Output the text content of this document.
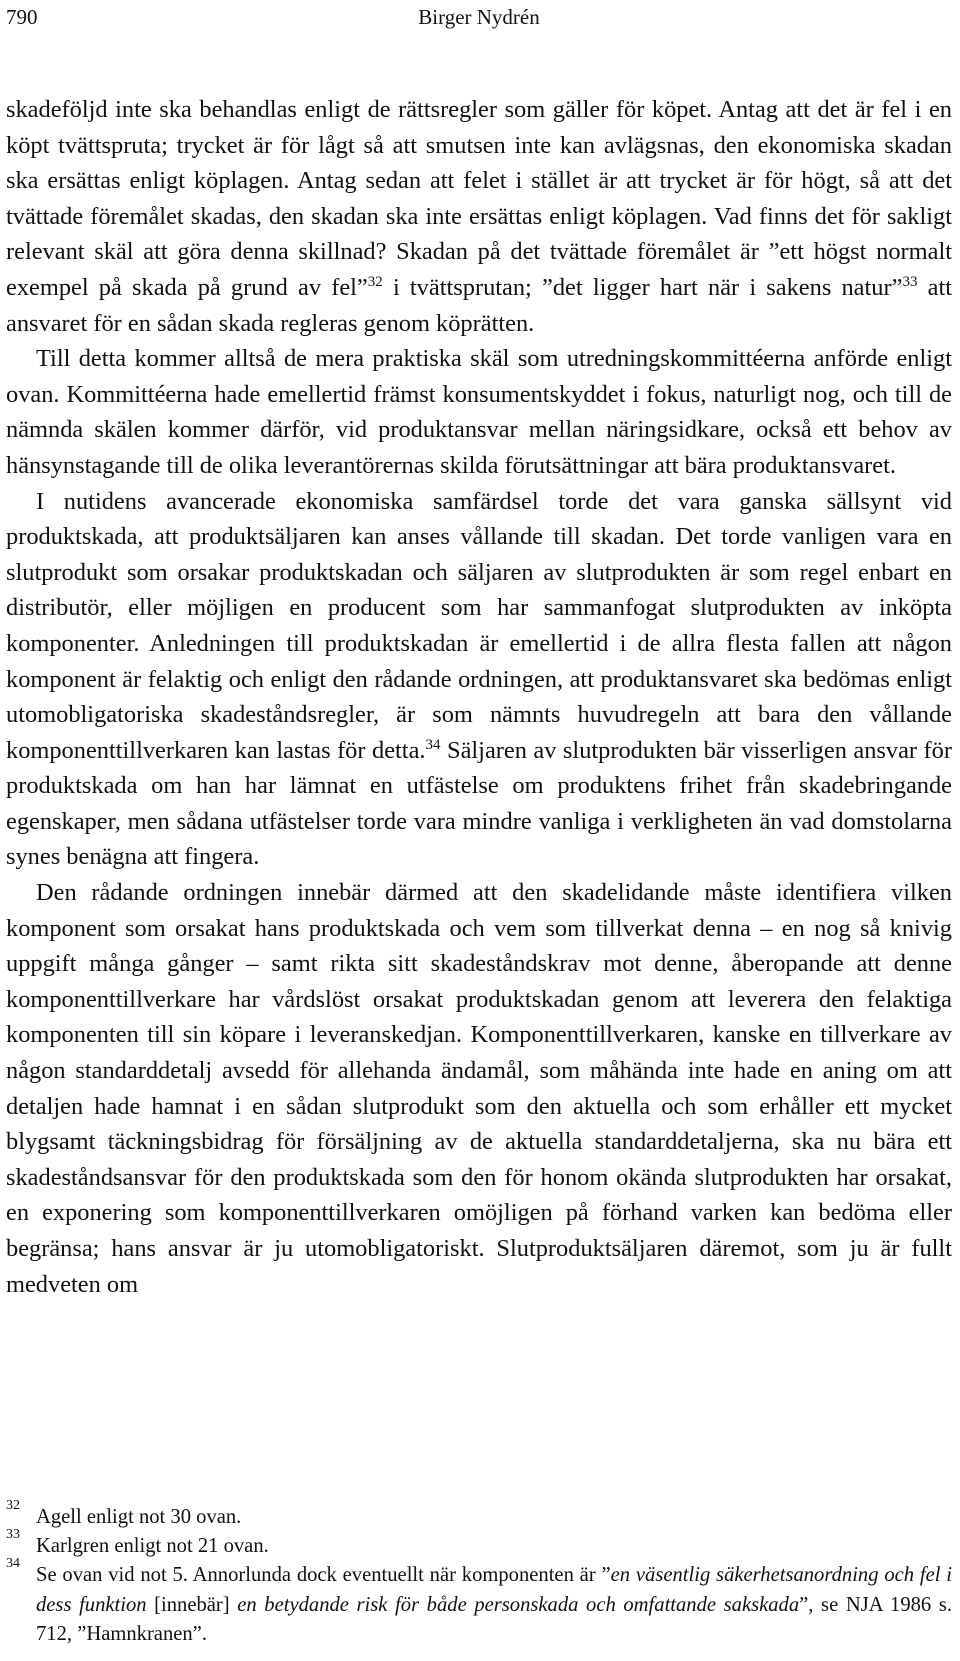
790	Birger Nydrén

skadeföljd inte ska behandlas enligt de rättsregler som gäller för köpet. Antag att det är fel i en köpt tvättspruta; trycket är för lågt så att smutsen inte kan avlägsnas, den ekonomiska skadan ska ersättas enligt köplagen. Antag sedan att felet i stället är att trycket är för högt, så att det tvättade föremålet skadas, den skadan ska inte ersättas enligt köplagen. Vad finns det för sakligt relevant skäl att göra denna skillnad? Skadan på det tvättade föremålet är ”ett högst normalt exempel på skada på grund av fel”$^{32}$ i tvättsprutan; ”det ligger hart när i sakens natur”$^{33}$ att ansvaret för en sådan skada regleras genom köprätten.

Till detta kommer alltså de mera praktiska skäl som utredningskommittéerna anförde enligt ovan. Kommittéerna hade emellertid främst konsumentskyddet i fokus, naturligt nog, och till de nämnda skälen kommer därför, vid produktansvar mellan näringsidkare, också ett behov av hänsynstagande till de olika leverantörernas skilda förutsättningar att bära produktansvaret.

I nutidens avancerade ekonomiska samfärdsel torde det vara ganska sällsynt vid produktskada, att produktsäljaren kan anses vållande till skadan. Det torde vanligen vara en slutprodukt som orsakar produktskadan och säljaren av slutprodukten är som regel enbart en distributör, eller möjligen en producent som har sammanfogat slutprodukten av inköpta komponenter. Anledningen till produktskadan är emellertid i de allra flesta fallen att någon komponent är felaktig och enligt den rådande ordningen, att produktansvaret ska bedömas enligt utomobligatoriska skadeståndsregler, är som nämnts huvudregeln att bara den vållande komponenttillverkaren kan lastas för detta.$^{34}$ Säljaren av slutprodukten bär visserligen ansvar för produktskada om han har lämnat en utfästelse om produktens frihet från skadebringande egenskaper, men sådana utfästelser torde vara mindre vanliga i verkligheten än vad domstolarna synes benägna att fingera.

Den rådande ordningen innebär därmed att den skadelidande måste identifiera vilken komponent som orsakat hans produktskada och vem som tillverkat denna – en nog så knivig uppgift många gånger – samt rikta sitt skadeståndskrav mot denne, åberopande att denne komponenttillverkare har vårdslöst orsakat produktskadan genom att leverera den felaktiga komponenten till sin köpare i leveranskedjan. Komponenttillverkaren, kanske en tillverkare av någon standarddetalj avsedd för allehanda ändamål, som måhända inte hade en aning om att detaljen hade hamnat i en sådan slutprodukt som den aktuella och som erhåller ett mycket blygsamt täckningsbidrag för försäljning av de aktuella standarddetaljerna, ska nu bära ett skadeståndsansvar för den produktskada som den för honom okända slutprodukten har orsakat, en exponering som komponenttillverkaren omöjligen på förhand varken kan bedöma eller begränsa; hans ansvar är ju utomobligatoriskt. Slutproduktsäljaren däremot, som ju är fullt medveten om

32
Agell enligt not 30 ovan.
33
Karlgren enligt not 21 ovan.
34
Se ovan vid not 5. Annorlunda dock eventuellt när komponenten är ”en väsentlig säkerhetsanordning och fel i dess funktion [innebär] en betydande risk för både personskada och omfattande sakskada”, se NJA 1986 s. 712, ”Hamnkranen”.
